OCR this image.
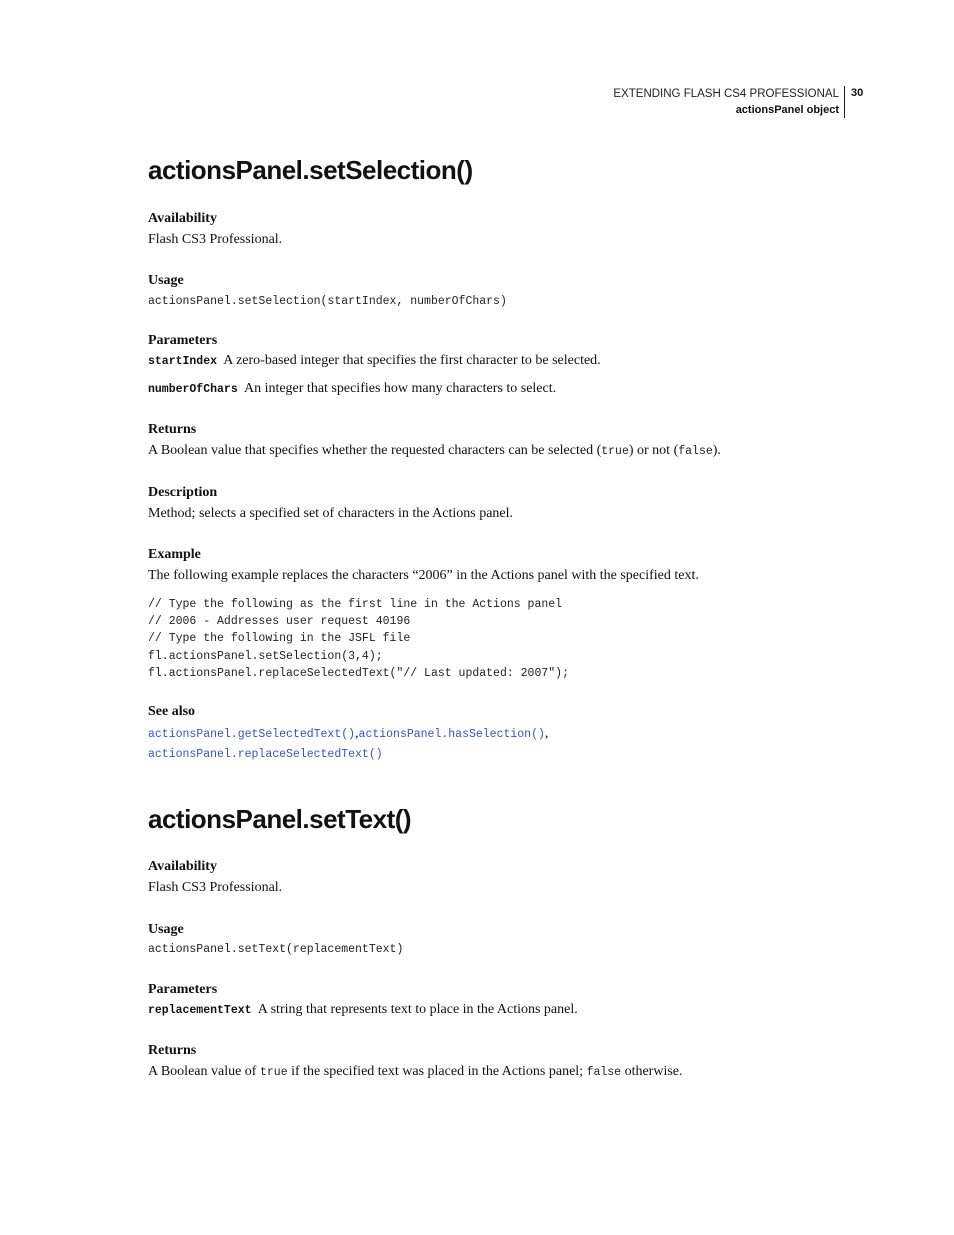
EXTENDING FLASH CS4 PROFESSIONAL
actionsPanel object
30
actionsPanel.setSelection()
Availability
Flash CS3 Professional.
Usage
actionsPanel.setSelection(startIndex, numberOfChars)
Parameters
startIndex A zero-based integer that specifies the first character to be selected.
numberOfChars An integer that specifies how many characters to select.
Returns
A Boolean value that specifies whether the requested characters can be selected (true) or not (false).
Description
Method; selects a specified set of characters in the Actions panel.
Example
The following example replaces the characters “2006” in the Actions panel with the specified text.
// Type the following as the first line in the Actions panel
// 2006 - Addresses user request 40196
// Type the following in the JSFL file
fl.actionsPanel.setSelection(3,4);
fl.actionsPanel.replaceSelectedText("// Last updated: 2007");
See also
actionsPanel.getSelectedText(),actionsPanel.hasSelection(),
actionsPanel.replaceSelectedText()
actionsPanel.setText()
Availability
Flash CS3 Professional.
Usage
actionsPanel.setText(replacementText)
Parameters
replacementText A string that represents text to place in the Actions panel.
Returns
A Boolean value of true if the specified text was placed in the Actions panel; false otherwise.
